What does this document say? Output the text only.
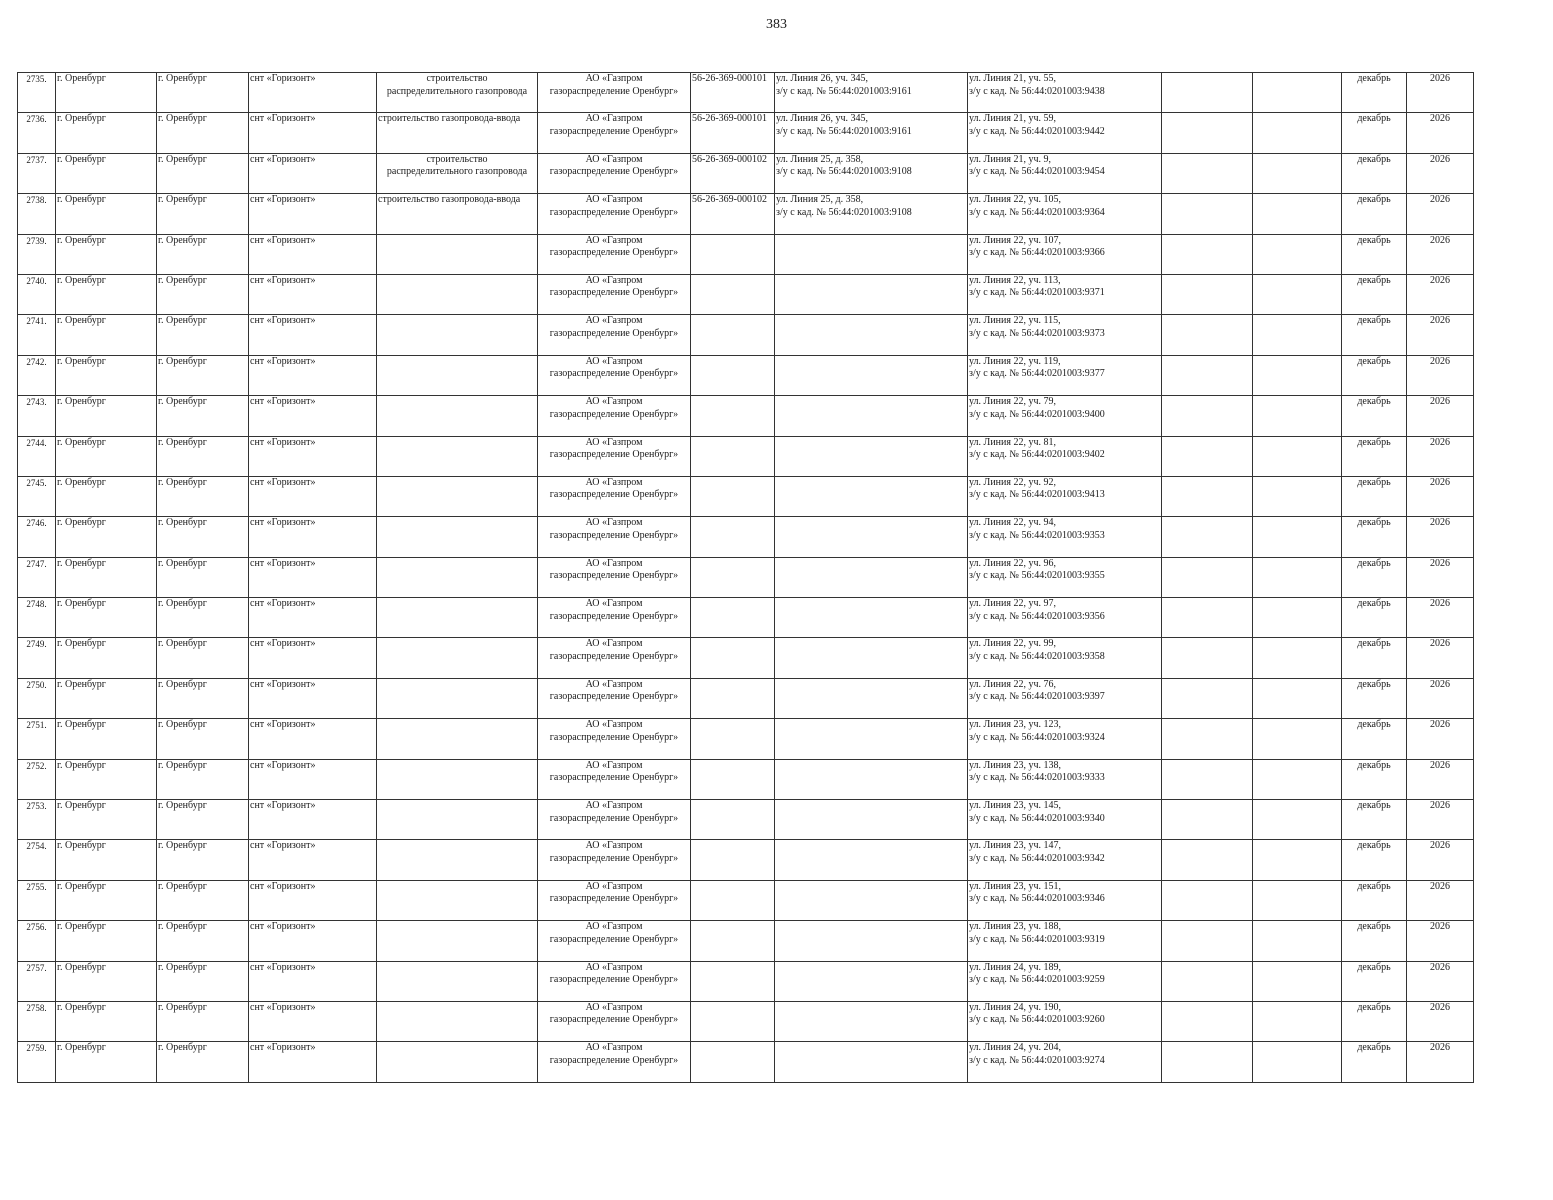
383
2735.	г. Оренбург	г. Оренбург	снт «Горизонт»	строительство
распределительного газопровода	АО «Газпром
газораспределение Оренбург»	56-26-369-000101	ул. Линия 26, уч. 345,
з/у с кад. № 56:44:0201003:9161	ул. Линия 21, уч. 55,
з/у с кад. № 56:44:0201003:9438			декабрь	2026
2736.	г. Оренбург	г. Оренбург	снт «Горизонт»	строительство газопровода-ввода	АО «Газпром
газораспределение Оренбург»	56-26-369-000101	ул. Линия 26, уч. 345,
з/у с кад. № 56:44:0201003:9161	ул. Линия 21, уч. 59,
з/у с кад. № 56:44:0201003:9442			декабрь	2026
2737.	г. Оренбург	г. Оренбург	снт «Горизонт»	строительство
распределительного газопровода	АО «Газпром
газораспределение Оренбург»	56-26-369-000102	ул. Линия 25, д. 358,
з/у с кад. № 56:44:0201003:9108	ул. Линия 21, уч. 9,
з/у с кад. № 56:44:0201003:9454			декабрь	2026
2738.	г. Оренбург	г. Оренбург	снт «Горизонт»	строительство газопровода-ввода	АО «Газпром
газораспределение Оренбург»	56-26-369-000102	ул. Линия 25, д. 358,
з/у с кад. № 56:44:0201003:9108	ул. Линия 22, уч. 105,
з/у с кад. № 56:44:0201003:9364			декабрь	2026
2739.	г. Оренбург	г. Оренбург	снт «Горизонт»		АО «Газпром
газораспределение Оренбург»			ул. Линия 22, уч. 107,
з/у с кад. № 56:44:0201003:9366			декабрь	2026
2740.	г. Оренбург	г. Оренбург	снт «Горизонт»		АО «Газпром
газораспределение Оренбург»			ул. Линия 22, уч. 113,
з/у с кад. № 56:44:0201003:9371			декабрь	2026
2741.	г. Оренбург	г. Оренбург	снт «Горизонт»		АО «Газпром
газораспределение Оренбург»			ул. Линия 22, уч. 115,
з/у с кад. № 56:44:0201003:9373			декабрь	2026
2742.	г. Оренбург	г. Оренбург	снт «Горизонт»		АО «Газпром
газораспределение Оренбург»			ул. Линия 22, уч. 119,
з/у с кад. № 56:44:0201003:9377			декабрь	2026
2743.	г. Оренбург	г. Оренбург	снт «Горизонт»		АО «Газпром
газораспределение Оренбург»			ул. Линия 22, уч. 79,
з/у с кад. № 56:44:0201003:9400			декабрь	2026
2744.	г. Оренбург	г. Оренбург	снт «Горизонт»		АО «Газпром
газораспределение Оренбург»			ул. Линия 22, уч. 81,
з/у с кад. № 56:44:0201003:9402			декабрь	2026
2745.	г. Оренбург	г. Оренбург	снт «Горизонт»		АО «Газпром
газораспределение Оренбург»			ул. Линия 22, уч. 92,
з/у с кад. № 56:44:0201003:9413			декабрь	2026
2746.	г. Оренбург	г. Оренбург	снт «Горизонт»		АО «Газпром
газораспределение Оренбург»			ул. Линия 22, уч. 94,
з/у с кад. № 56:44:0201003:9353			декабрь	2026
2747.	г. Оренбург	г. Оренбург	снт «Горизонт»		АО «Газпром
газораспределение Оренбург»			ул. Линия 22, уч. 96,
з/у с кад. № 56:44:0201003:9355			декабрь	2026
2748.	г. Оренбург	г. Оренбург	снт «Горизонт»		АО «Газпром
газораспределение Оренбург»			ул. Линия 22, уч. 97,
з/у с кад. № 56:44:0201003:9356			декабрь	2026
2749.	г. Оренбург	г. Оренбург	снт «Горизонт»		АО «Газпром
газораспределение Оренбург»			ул. Линия 22, уч. 99,
з/у с кад. № 56:44:0201003:9358			декабрь	2026
2750.	г. Оренбург	г. Оренбург	снт «Горизонт»		АО «Газпром
газораспределение Оренбург»			ул. Линия 22, уч. 76,
з/у с кад. № 56:44:0201003:9397			декабрь	2026
2751.	г. Оренбург	г. Оренбург	снт «Горизонт»		АО «Газпром
газораспределение Оренбург»			ул. Линия 23, уч. 123,
з/у с кад. № 56:44:0201003:9324			декабрь	2026
2752.	г. Оренбург	г. Оренбург	снт «Горизонт»		АО «Газпром
газораспределение Оренбург»			ул. Линия 23, уч. 138,
з/у с кад. № 56:44:0201003:9333			декабрь	2026
2753.	г. Оренбург	г. Оренбург	снт «Горизонт»		АО «Газпром
газораспределение Оренбург»			ул. Линия 23, уч. 145,
з/у с кад. № 56:44:0201003:9340			декабрь	2026
2754.	г. Оренбург	г. Оренбург	снт «Горизонт»		АО «Газпром
газораспределение Оренбург»			ул. Линия 23, уч. 147,
з/у с кад. № 56:44:0201003:9342			декабрь	2026
2755.	г. Оренбург	г. Оренбург	снт «Горизонт»		АО «Газпром
газораспределение Оренбург»			ул. Линия 23, уч. 151,
з/у с кад. № 56:44:0201003:9346			декабрь	2026
2756.	г. Оренбург	г. Оренбург	снт «Горизонт»		АО «Газпром
газораспределение Оренбург»			ул. Линия 23, уч. 188,
з/у с кад. № 56:44:0201003:9319			декабрь	2026
2757.	г. Оренбург	г. Оренбург	снт «Горизонт»		АО «Газпром
газораспределение Оренбург»			ул. Линия 24, уч. 189,
з/у с кад. № 56:44:0201003:9259			декабрь	2026
2758.	г. Оренбург	г. Оренбург	снт «Горизонт»		АО «Газпром
газораспределение Оренбург»			ул. Линия 24, уч. 190,
з/у с кад. № 56:44:0201003:9260			декабрь	2026
2759.	г. Оренбург	г. Оренбург	снт «Горизонт»		АО «Газпром
газораспределение Оренбург»			ул. Линия 24, уч. 204,
з/у с кад. № 56:44:0201003:9274			декабрь	2026
